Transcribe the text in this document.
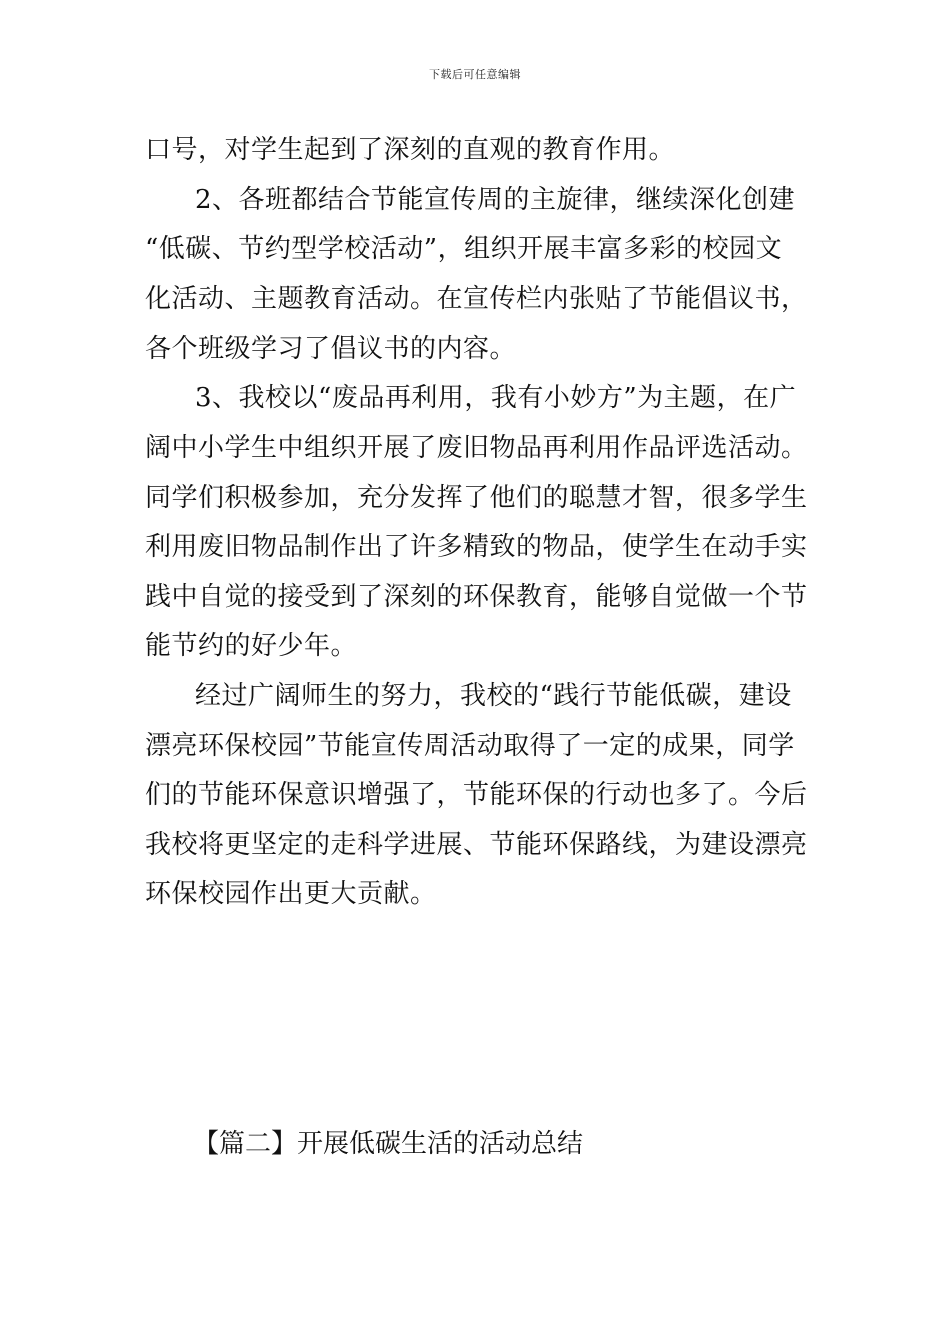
下载后可任意编辑
口号，对学生起到了深刻的直观的教育作用。
2、各班都结合节能宣传周的主旋律，继续深化创建
“低碳、节约型学校活动”，组织开展丰富多彩的校园文
化活动、主题教育活动。在宣传栏内张贴了节能倡议书，
各个班级学习了倡议书的内容。
3、我校以“废品再利用，我有小妙方”为主题，在广
阔中小学生中组织开展了废旧物品再利用作品评选活动。
同学们积极参加，充分发挥了他们的聪慧才智，很多学生
利用废旧物品制作出了许多精致的物品，使学生在动手实
践中自觉的接受到了深刻的环保教育，能够自觉做一个节
能节约的好少年。
经过广阔师生的努力，我校的“践行节能低碳，建设
漂亮环保校园”节能宣传周活动取得了一定的成果，同学
们的节能环保意识增强了，节能环保的行动也多了。今后
我校将更坚定的走科学进展、节能环保路线，为建设漂亮
环保校园作出更大贡献。
【篇二】开展低碳生活的活动总结
